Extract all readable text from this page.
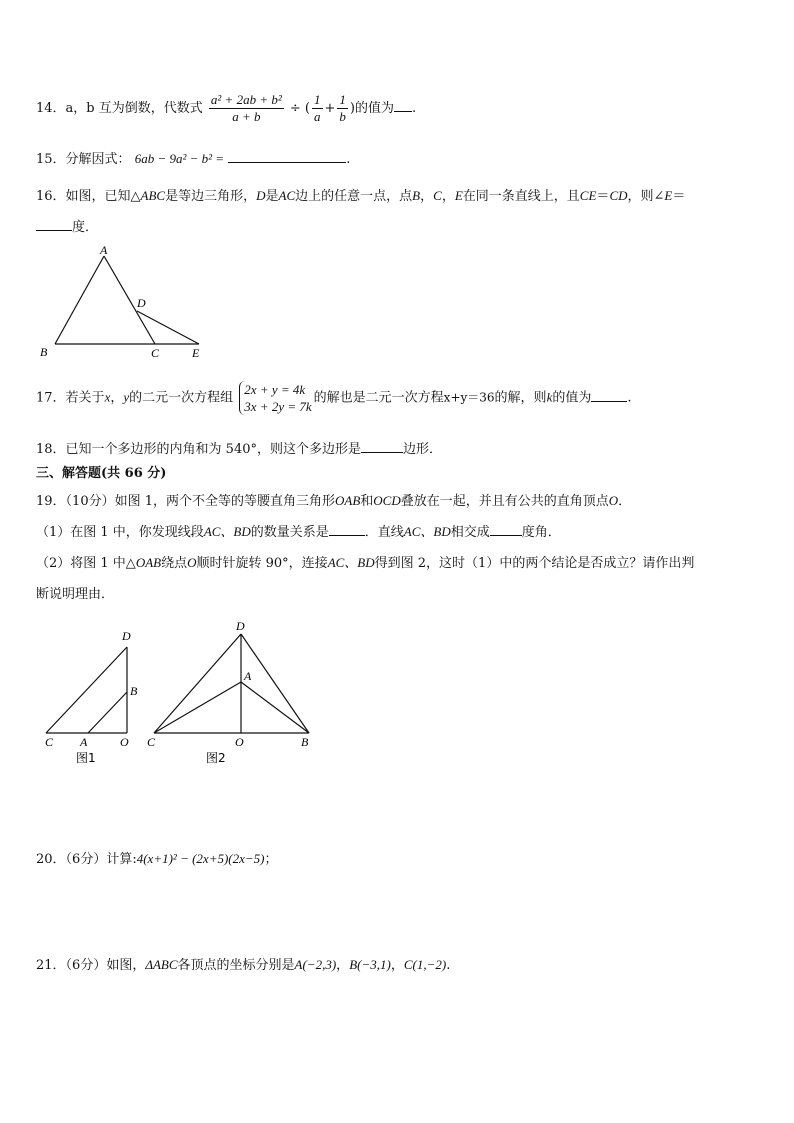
14．a，b 互为倒数，代数式 $\frac{\text{a² + 2ab + b²}}{a + b}$ ÷ ( $\frac{1}{a} + \frac{1}{b}$ )的值为 .
15．分解因式： 6ab − 9a² − b² =	.
16．如图，已知△ABC是等边三角形，D是AC边上的任意一点，点B，C，E在同一条直线上，且CE＝CD，则∠E＝
度．
A
B	C
D
E
17．若关于x，y的二元一次方程组
2x + y = 4k
3x + 2y = 7k
的解也是二元一次方程x+y＝36的解，则k的值为	.
18．已知一个多边形的内角和为 540°，则这个多边形是	边形．
三、解答题(共 66 分)
19．（10分）如图 1，两个不全等的等腰直角三角形OAB和OCD叠放在一起，并且有公共的直角顶点O．
（1）在图 1 中，你发现线段AC、BD的数量关系是	．直线AC、BD相交成 度角．
（2）将图 1 中△OAB绕点O顺时针旋转 90°，连接AC、BD得到图 2，这时（1）中的两个结论是否成立？请作出判
断说明理由．
D
B
C A	O
图1
D
A
C	O	B
图2
20．（6分）计算:4(x+1)² − (2x+5)(2x−5)；
21．（6分）如图，ΔABC各顶点的坐标分别是A(−2,3)，B(−3,1)，C(1,−2).
